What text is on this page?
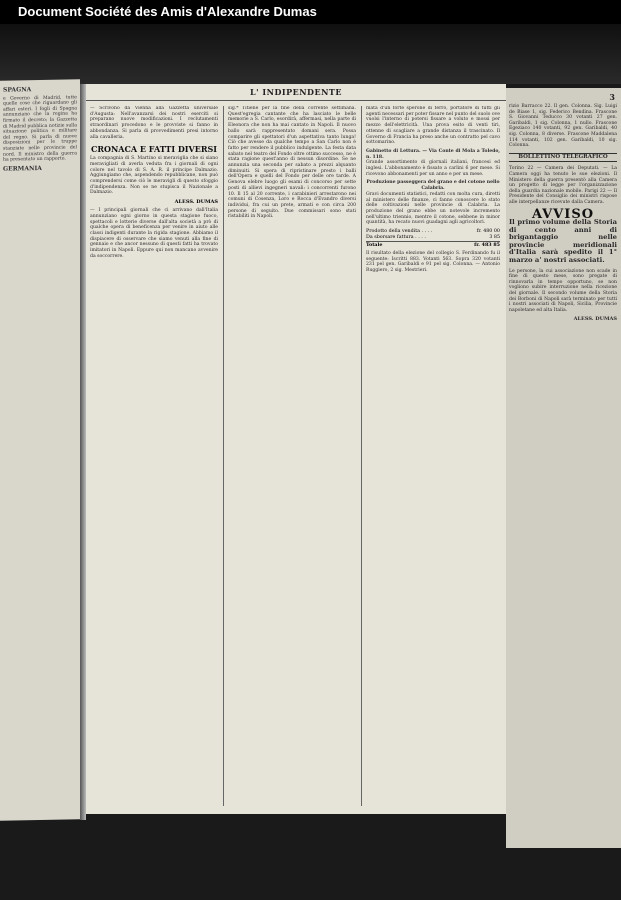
Document Société des Amis d'Alexandre Dumas
SPAGNA
e Governo di Madrid, tutte quelle cose che riguardano gli affari esteri. I fogli di Spagna annunziano che la regina ha firmato il decreto; la Gazzetta di Madrid pubblica notizie sulla situazione politica e militare del regno. Si parla di nuove disposizioni per le truppe stanziate nelle provincie del nord. Il ministro della guerra ha presentato un rapporto.
GERMANIA
L' INDIPENDENTE
— Scrivono da Vienna alla Gazzetta universale d'Augusta: Nell'avanzarsi dei nostri eserciti si preparano nuove modificazioni. I reclutamenti straordinari procedono e le provviste si fanno in abbondanza. Si parla di provvedimenti presi intorno alla cavalleria.
CRONACA E FATTI DIVERSI
La compagnia di S. Martino si meraviglia che si siano meravigliati di averla veduta fra i giornali di ogni colore nel tavolo di S. A. R. il principe Dalmazio. Aggiungiamo che, aspendendo repubblicane, non può comprendersi come ciò le meravigli di questo sfoggio d'indipendenza. Non se ne stupisca il Nazionale a Dalmazio.
ALESS. DUMAS
— I principali giornali che ci arrivano dall'Italia annunziano ogni giorno in questa stagione fuoco, spettacoli e lotterie diverse dall'alta società a prò di qualche opera di beneficenza per venire in aiuto alle classi indigenti durante la rigida stagione. Abbiamo il dispiacere di osservare che siamo venuti alla fine di gennaio e che ancor nessuno di questi fatti ha trovato imitatori in Napoli. Eppure qui non mancano avvenire da soccorrere.
sig.* Titiene per la fine della corrente settimana. Quest'egregia cantante che ha lasciato le belle memorie a S. Carlo, esordirà, affermasi, nella parte di Eleonora che non ha mai cantato in Napoli. Il nuovo ballo sarà rappresentato domani sera. Possa comparire gli spettatori d'un aspettativa tanto lunga! Ciò che avesse da qualche tempo a San Carlo non è fatto per rendere il pubblico indulgente. La festa data sabato nel teatro del Fondo oltre ottimo successo, ne è stata ragione quest'anno di nessun disordine. Se ne annunzia una seconda per sabato a prezzi alquanto diminuiti. Si spera di ripristinare presto i balli dell'Opera e quelli del Fondo per delle ore tarde. A Genova elebre luogo gli esami di concorso per sette posti di allievi ingegneri navali: i concorrenti furono 10. Il 15 al 20 corrente, i carabinieri arrestarono nei comuni di Cosenza, Loro e Rocca d'Evandro diversi individui, fra cui un prete, armati e con circa 200 persone di seguito. Due commissari sono stati ristabiliti in Napoli.
mata d'un forte sperone di ferro, portatore di tutti gli agenti necessari per poter fissare nel punto del suolo ove vuolsi l'interno di potersi fissare a voluto e mossi per mezzo dell'elettricità. Una prova esito di venti tiri, ottenne di scagliare a grande distanza il trascinato. Il Governo di Francia ha preso anche un contratto pel cavo sottomarino.
Gabinetto di Lettura. — Via Conte di Mola a Toledo, n. 118.
Grande assortimento di giornali italiani, francesi ed inglesi. L'abbonamento è fissato a carlini 6 per mese. Si ricevono abbonamenti per un anno e per un mese.
Produzione passeggera del grano e del cotone nello Calabria.
Gravi documenti statistici, redatti con molta cura, diretti al ministero delle finanze, ci fanno conoscere lo stato delle coltivazioni nelle provincie di Calabria. La produzione del grano ebbe un notevole incremento nell'ultimo triennio, mentre il cotone, sebbene in minor quantità, ha recato nuovi guadagni agli agricoltori.
Prodotto della vendita . . . .	fr. 480 00
Da sborsare fattura . . . .	3 85
Totale	fr. 483 85
Il risultato della elezione del collegio S. Ferdinando fu il seguente: Iscritti 883. Votanti 563. Sopra 320 votanti 231 pel gen. Garibaldi e 91 pel sig. Colonna. — Antonio Ruggiero, 2 sig. Mestrieri.
3
rizio Barracco 22. Il gen. Colonna. Sig. Luigi de Biase 1, sig. Federico Bendina. Frascone S. Giovanni Teducco 30 votanti 27 gen. Garibaldi, 1 sig. Colonna, 1 nullo. Frascone Egeziaco 140 votanti, 92 gen. Garibaldi, 40 sig. Colonna, 8 diverse. Frascone Maddalena 114 votanti, 102 gen. Garibaldi, 10 sig. Colonna.
BOLLETTINO TELEGRAFICO
Torino 22 — Camera dei Deputati. — La Camera oggi ha tenuto le sue elezioni. Il Ministero della guerra presentò alla Camera un progetto di legge per l'organizzazione della guardia nazionale mobile. Parigi 22 — Il Presidente del Consiglio dei ministri rispose alle interpellanze ricevute dalla Camera.
AVVISO
Il primo volume della Storia di cento anni di brigantaggio nelle provincie meridionali d'Italia sarà spedito il 1° marzo a' nostri associati.
Le persone, la cui associazione non scade in fine di questo mese, sono pregate di rinnovarla in tempo opportuno, se non vogliono subire interruzione nella ricezione del giornale. Il secondo volume della Storia dei Borboni di Napoli sarà terminato per tutti i nostri associati di Napoli, Sicilia, Provincie napoletane ed alta Italia.
ALESS. DUMAS
